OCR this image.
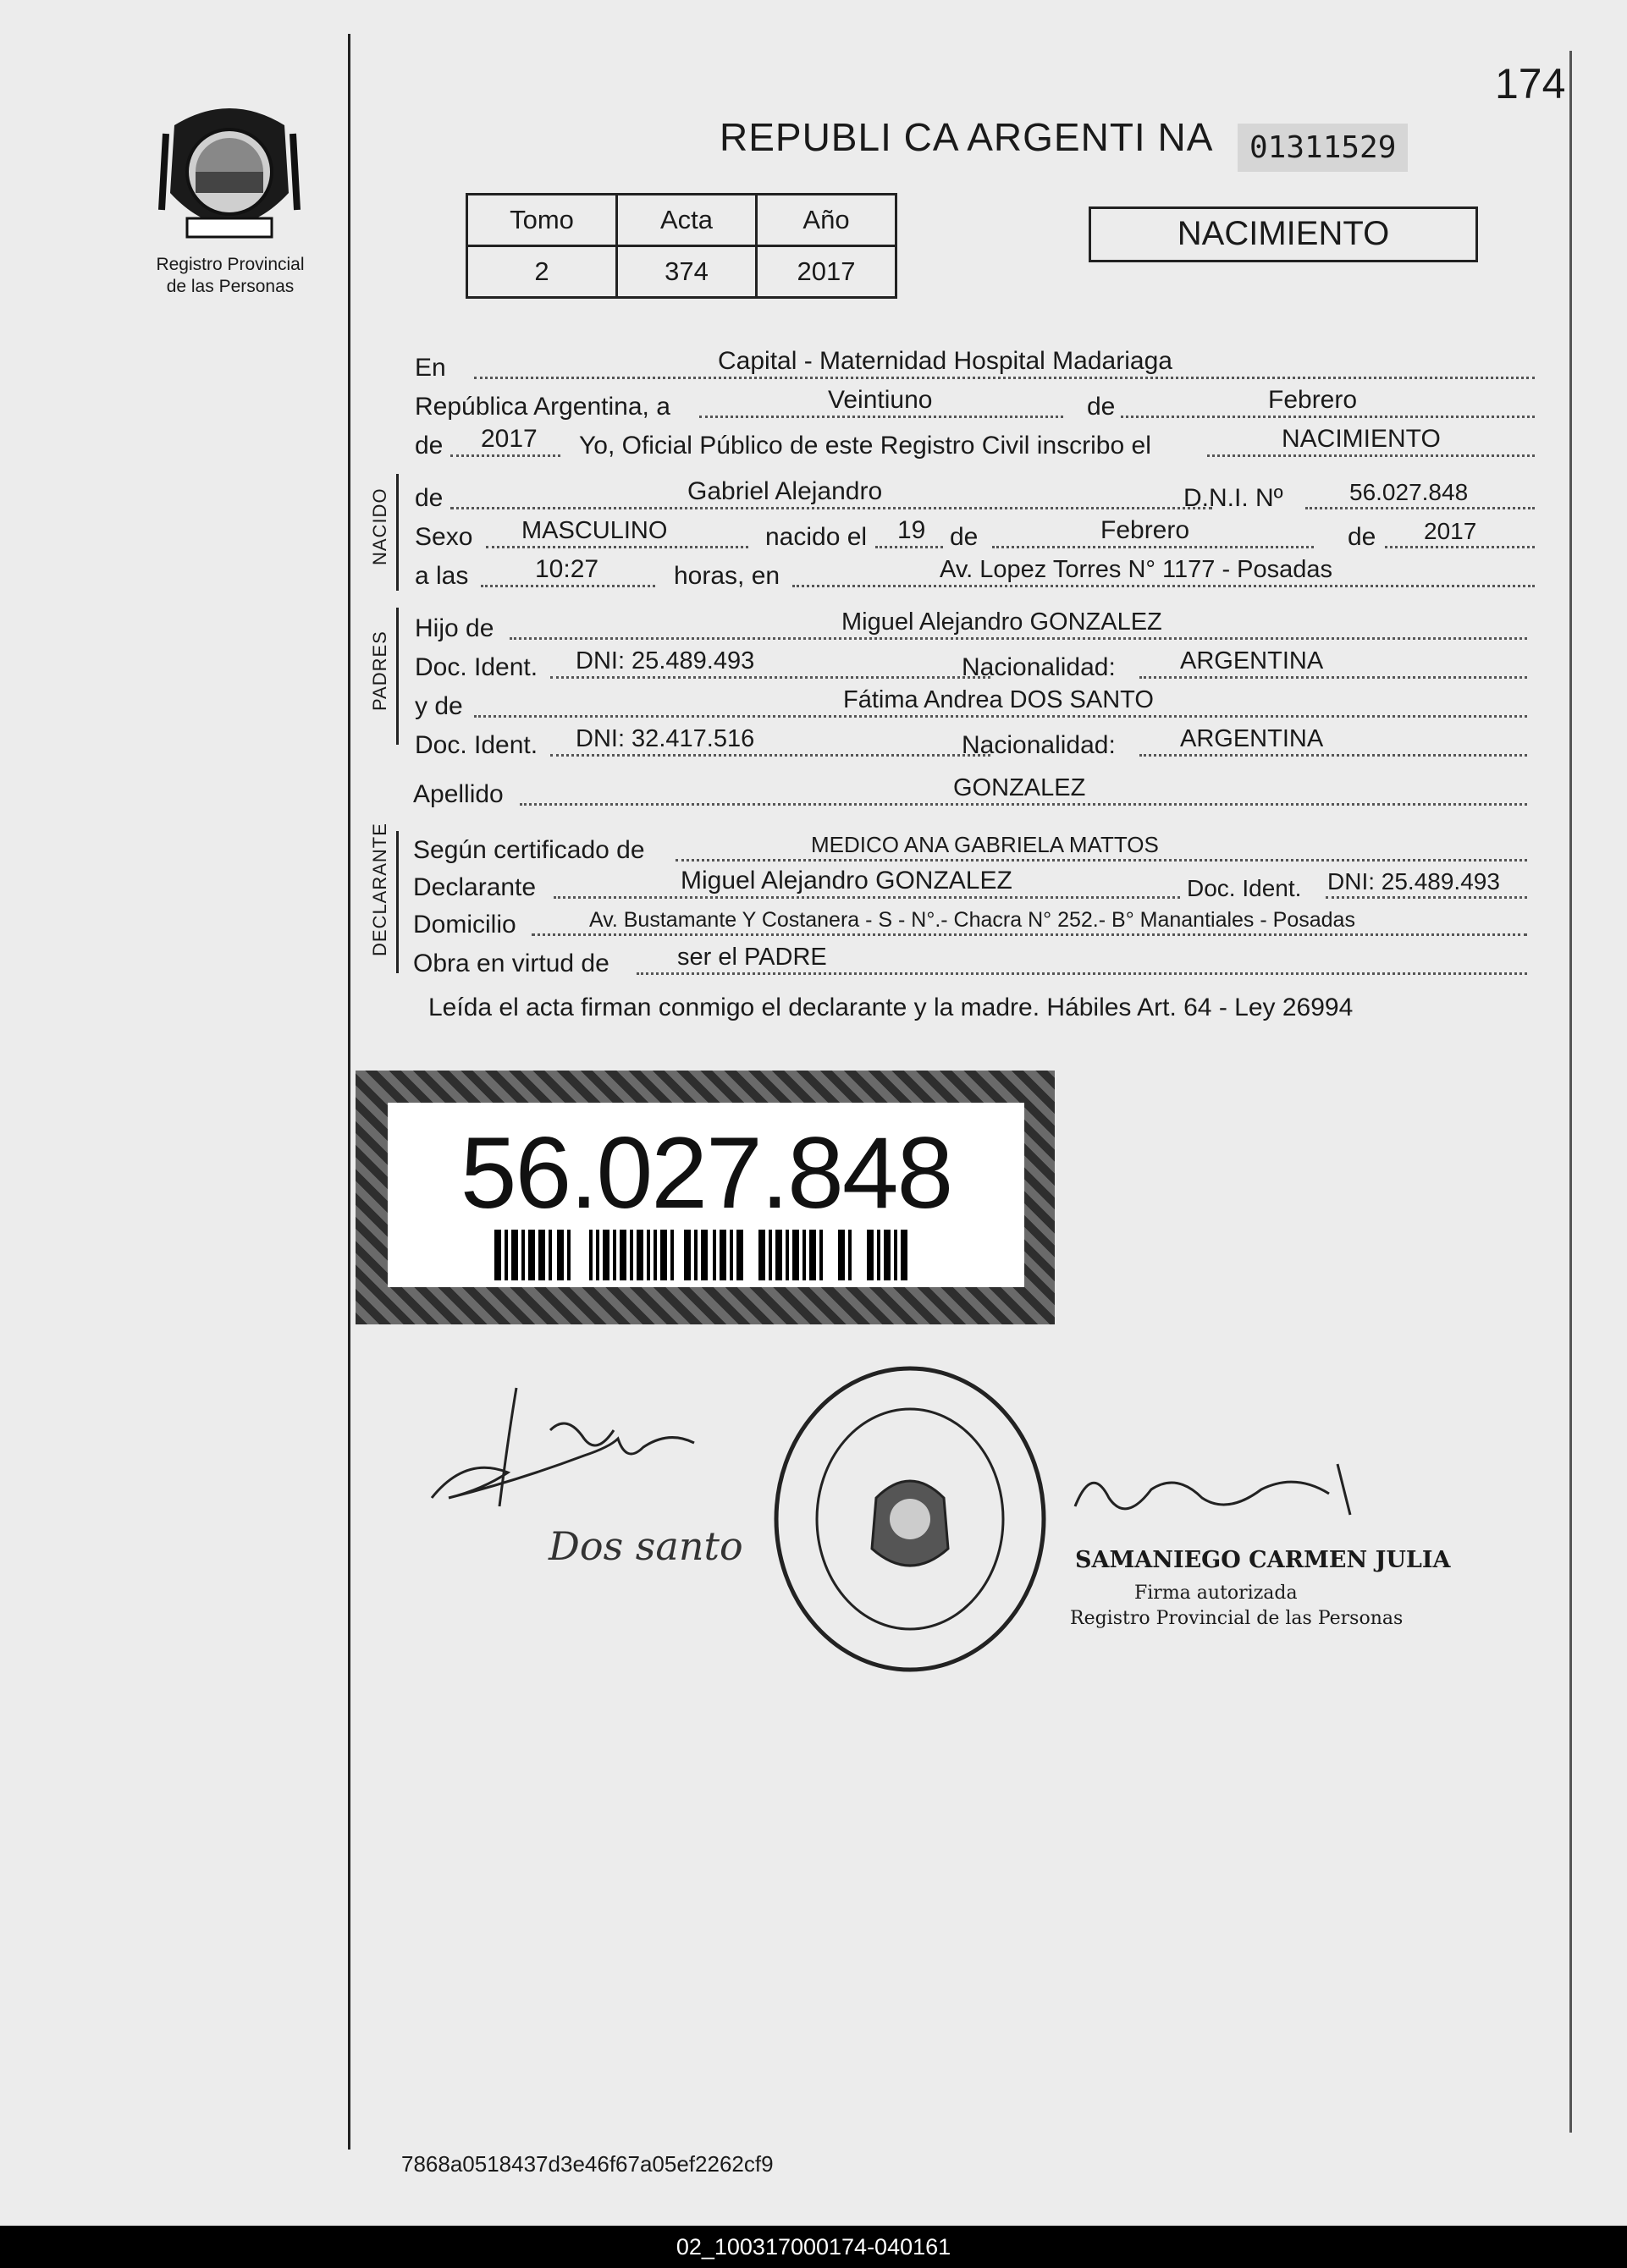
Registro Provincial
de las Personas
REPUBLI CA ARGENTI NA	01311529
174
Tomo	Acta	Año
2	374	2017
NACIMIENTO
En	Capital - Maternidad Hospital Madariaga
República Argentina, a	Veintiuno	de	Febrero
de 2017 Yo, Oficial Público de este Registro Civil inscribo el	NACIMIENTO
NACIDO
PADRES
DECLARANTE
de	Gabriel Alejandro	D.N.I. Nº	56.027.848
Sexo MASCULINO	nacido el 19 de	Febrero	de 2017
a las	10:27	horas, en	Av. Lopez Torres N° 1177 - Posadas
Hijo de	Miguel Alejandro GONZALEZ
Doc. Ident. DNI: 25.489.493	Nacionalidad:	ARGENTINA
y de	Fátima Andrea DOS SANTO
Doc. Ident. DNI: 32.417.516	Nacionalidad:	ARGENTINA
Apellido	GONZALEZ
Según certificado de	MEDICO ANA GABRIELA MATTOS
Declarante	Miguel Alejandro GONZALEZ	Doc. Ident. DNI: 25.489.493
Domicilio	Av. Bustamante Y Costanera - S - N°.- Chacra N° 252.- B° Manantiales - Posadas
Obra en virtud de	ser el PADRE
Leída el acta firman conmigo el declarante y la madre. Hábiles Art. 64 - Ley 26994
56.027.848
Dos santo	SAMANIEGO CARMEN JULIA
Firma autorizada
Registro Provincial de las Personas
7868a0518437d3e46f67a05ef2262cf9
02_100317000174-040161
